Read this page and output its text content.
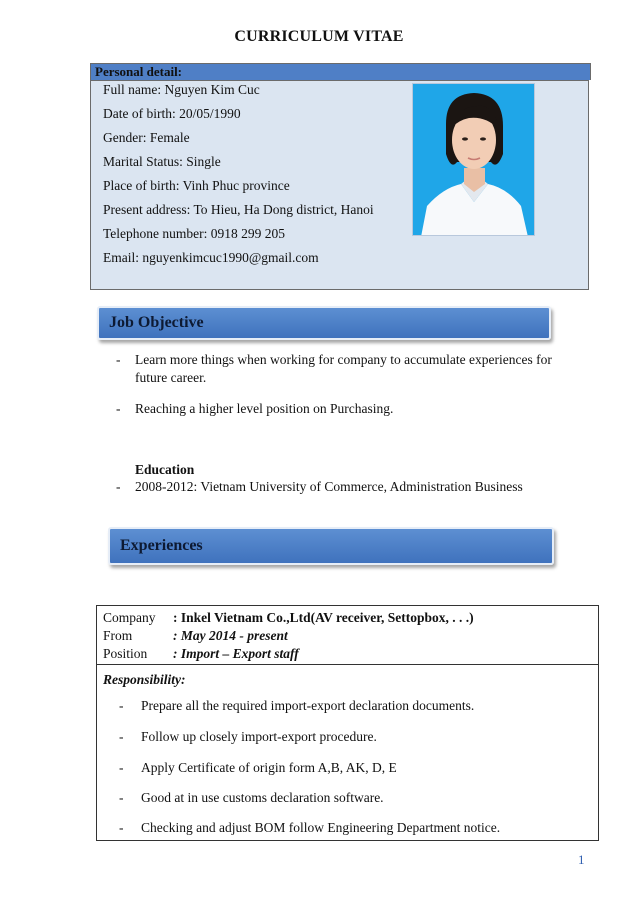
CURRICULUM VITAE
Personal detail:
Full name: Nguyen Kim Cuc
Date of birth: 20/05/1990
Gender: Female
Marital Status: Single
Place of birth: Vinh Phuc province
Present address: To Hieu, Ha Dong district, Hanoi
Telephone number: 0918 299 205
Email: nguyenkimcuc1990@gmail.com
Job Objective
- Learn more things when working for company to accumulate experiences for future career.
- Reaching a higher level position on Purchasing.
Education
- 2008-2012: Vietnam University of Commerce, Administration Business
Experiences
Company : Inkel Vietnam Co.,Ltd(AV receiver, Settopbox, . . .)
From	: May 2014 - present
Position : Import – Export staff
Responsibility:
- Prepare all the required import-export declaration documents.
- Follow up closely import-export procedure.
- Apply Certificate of origin form A,B, AK, D, E
- Good at in use customs declaration software.
- Checking and adjust BOM follow Engineering Department notice.
1
